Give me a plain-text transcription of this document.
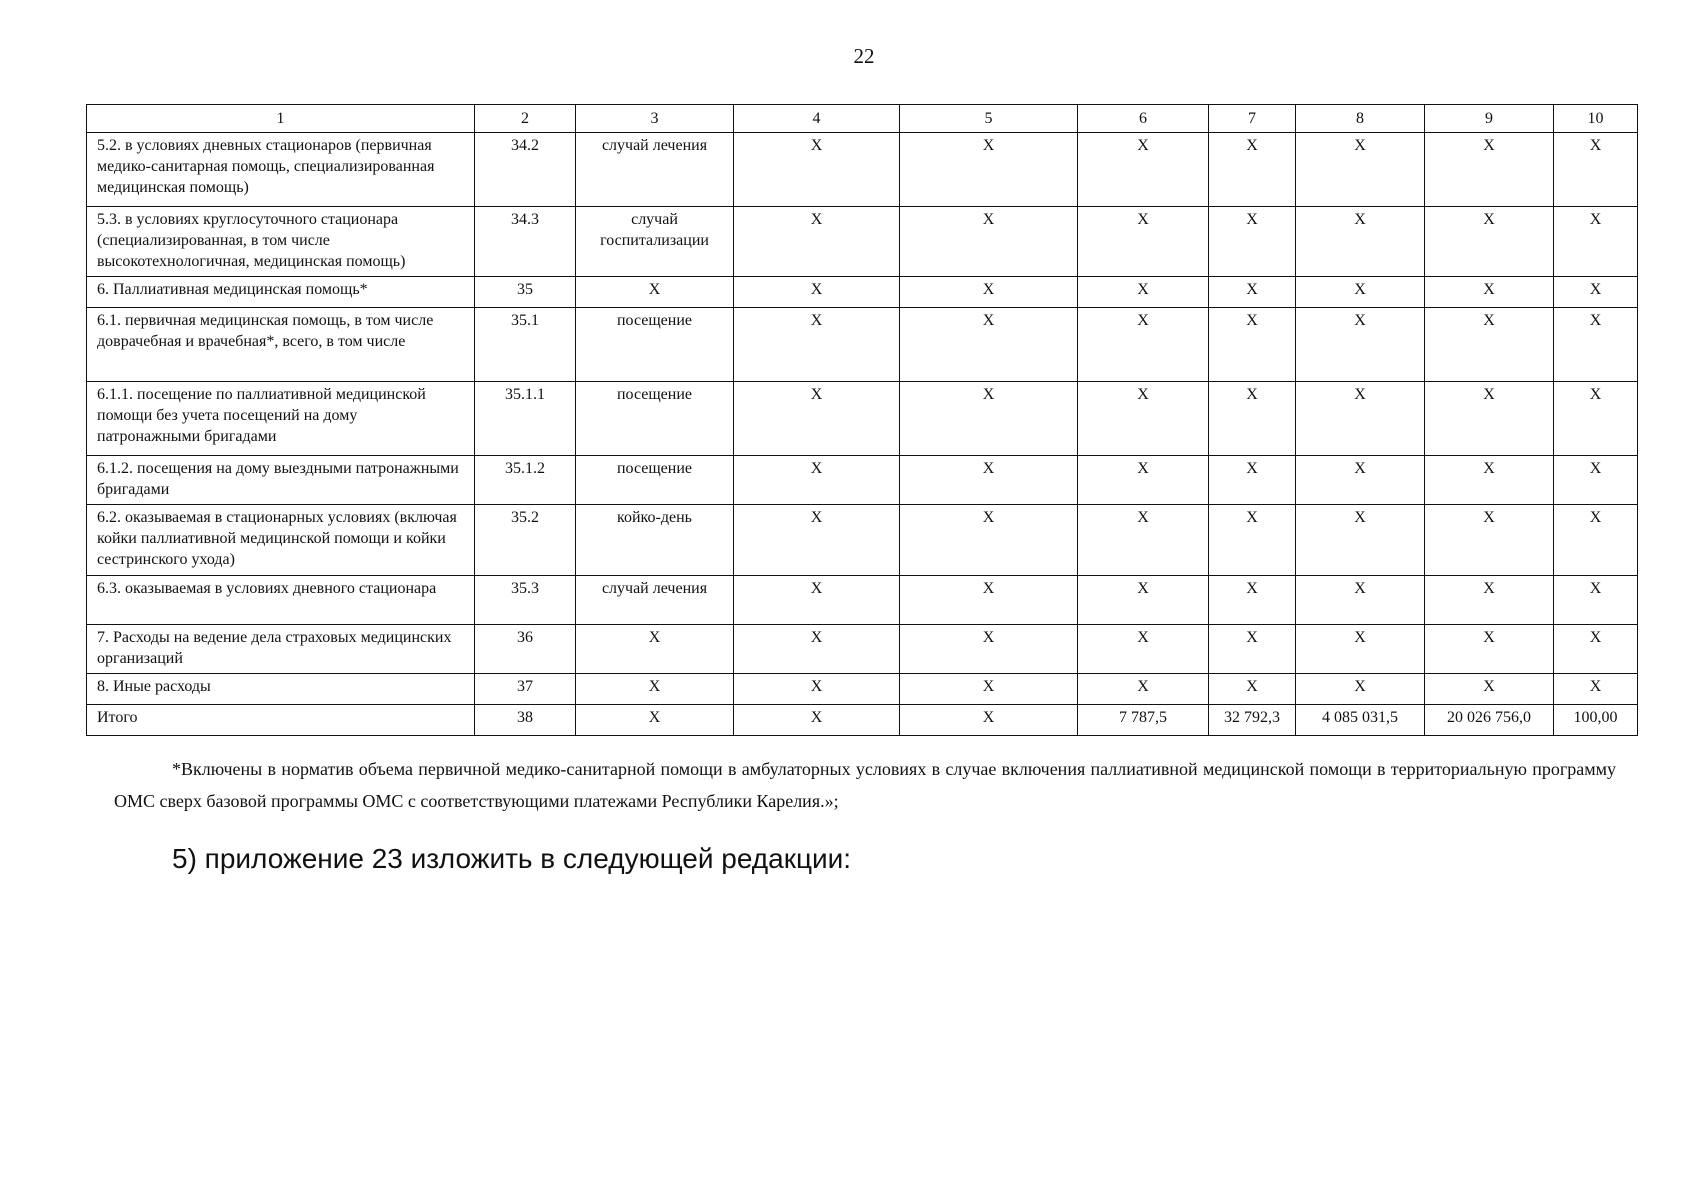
22
1	2	3	4	5	6	7	8	9	10
5.2. в условиях дневных стационаров (первичная медико-санитарная помощь, специализированная медицинская помощь)	34.2	случай лечения	X	X	X	X	X	X	X
5.3. в условиях круглосуточного стационара (специализированная, в том числе высокотехнологичная, медицинская помощь)	34.3	случай госпитализации	X	X	X	X	X	X	X
6. Паллиативная медицинская помощь*	35	X	X	X	X	X	X	X	X
6.1. первичная медицинская помощь, в том числе доврачебная и врачебная*, всего, в том числе	35.1	посещение	X	X	X	X	X	X	X
6.1.1. посещение по паллиативной медицинской помощи без учета посещений на дому патронажными бригадами	35.1.1	посещение	X	X	X	X	X	X	X
6.1.2. посещения на дому выездными патронажными бригадами	35.1.2	посещение	X	X	X	X	X	X	X
6.2. оказываемая в стационарных условиях (включая койки паллиативной медицинской помощи и койки сестринского ухода)	35.2	койко-день	X	X	X	X	X	X	X
6.3. оказываемая в условиях дневного стационара	35.3	случай лечения	X	X	X	X	X	X	X
7. Расходы на ведение дела страховых медицинских организаций	36	X	X	X	X	X	X	X	X
8. Иные расходы	37	X	X	X	X	X	X	X	X
Итого	38	X	X	X	7 787,5	32 792,3	4 085 031,5	20 026 756,0	100,00
*Включены в норматив объема первичной медико-санитарной помощи в амбулаторных условиях в случае включения паллиативной медицинской помощи в территориальную программу ОМС сверх базовой программы ОМС с соответствующими платежами Республики Карелия.»;
5) приложение 23 изложить в следующей редакции:
